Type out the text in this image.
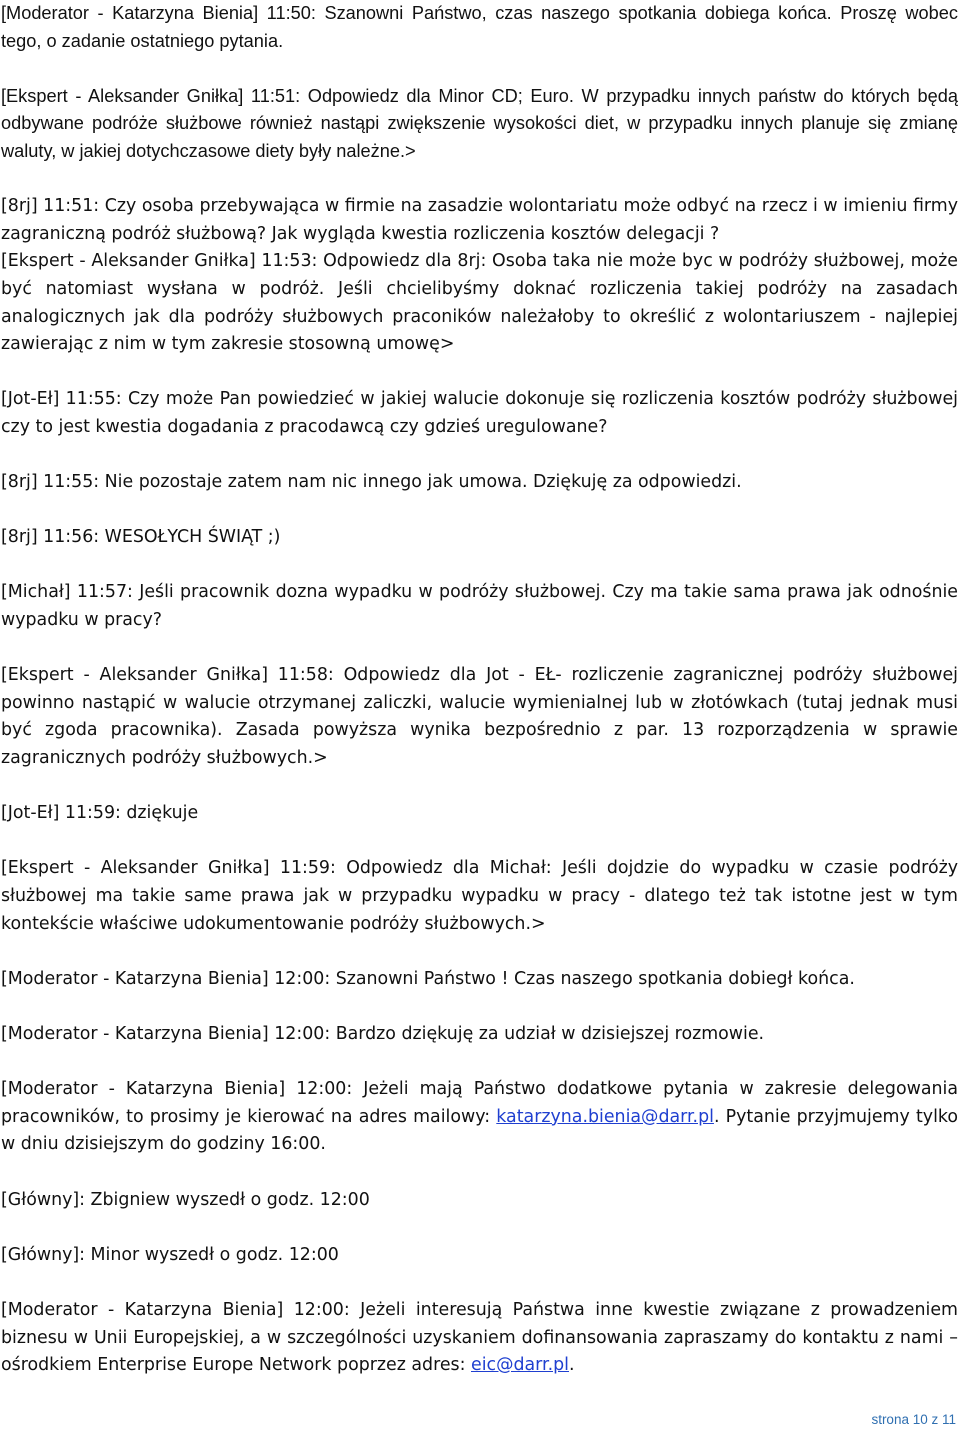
[Moderator - Katarzyna Bienia] 11:50: Szanowni Państwo, czas naszego spotkania dobiega końca. Proszę wobec tego, o zadanie ostatniego pytania.

[Ekspert - Aleksander Gniłka] 11:51: Odpowiedz dla Minor CD; Euro. W przypadku innych państw do których będą odbywane podróże służbowe również nastąpi zwiększenie wysokości diet, w przypadku innych planuje się zmianę waluty, w jakiej dotychczasowe diety były należne.>

[8rj] 11:51: Czy osoba przebywająca w firmie na zasadzie wolontariatu może odbyć na rzecz i w imieniu firmy zagraniczną podróż służbową? Jak wygląda kwestia rozliczenia kosztów delegacji ?

[Ekspert - Aleksander Gniłka] 11:53: Odpowiedz dla 8rj: Osoba taka nie może byc w podróży służbowej, może być natomiast wysłana w podróż. Jeśli chcielibyśmy doknać rozliczenia takiej podróży na zasadach analogicznych jak dla podróży służbowych praconików należałoby to określić z wolontariuszem - najlepiej zawierając z nim w tym zakresie stosowną umowę>

[Jot-Eł] 11:55: Czy może Pan powiedzieć w jakiej walucie dokonuje się rozliczenia kosztów podróży służbowej czy to jest kwestia dogadania z pracodawcą czy gdzieś uregulowane?

[8rj] 11:55: Nie pozostaje zatem nam nic innego jak umowa. Dziękuję za odpowiedzi.

[8rj] 11:56: WESOŁYCH ŚWIĄT ;)

[Michał] 11:57: Jeśli pracownik dozna wypadku w podróży służbowej. Czy ma takie sama prawa jak odnośnie wypadku w pracy?

[Ekspert - Aleksander Gniłka] 11:58: Odpowiedz dla Jot - EŁ- rozliczenie zagranicznej podróży służbowej powinno nastąpić w walucie otrzymanej zaliczki, walucie wymienialnej lub w złotówkach (tutaj jednak musi być zgoda pracownika). Zasada powyższa wynika bezpośrednio z par. 13 rozporządzenia w sprawie zagranicznych podróży służbowych.>

[Jot-Eł] 11:59: dziękuje

[Ekspert - Aleksander Gniłka] 11:59: Odpowiedz dla Michał: Jeśli dojdzie do wypadku w czasie podróży służbowej ma takie same prawa jak w przypadku wypadku w pracy - dlatego też tak istotne jest w tym kontekście właściwe udokumentowanie podróży służbowych.>

[Moderator - Katarzyna Bienia] 12:00: Szanowni Państwo ! Czas naszego spotkania dobiegł końca.

[Moderator - Katarzyna Bienia] 12:00: Bardzo dziękuję za udział w dzisiejszej rozmowie.

[Moderator - Katarzyna Bienia] 12:00: Jeżeli mają Państwo dodatkowe pytania w zakresie delegowania pracowników, to prosimy je kierować na adres mailowy: katarzyna.bienia@darr.pl. Pytanie przyjmujemy tylko w dniu dzisiejszym do godziny 16:00.

[Główny]: Zbigniew wyszedł o godz. 12:00

[Główny]: Minor wyszedł o godz. 12:00

[Moderator - Katarzyna Bienia] 12:00: Jeżeli interesują Państwa inne kwestie związane z prowadzeniem biznesu w Unii Europejskiej, a w szczególności uzyskaniem dofinansowania zapraszamy do kontaktu z nami – ośrodkiem Enterprise Europe Network poprzez adres: eic@darr.pl.

strona 10 z 11
